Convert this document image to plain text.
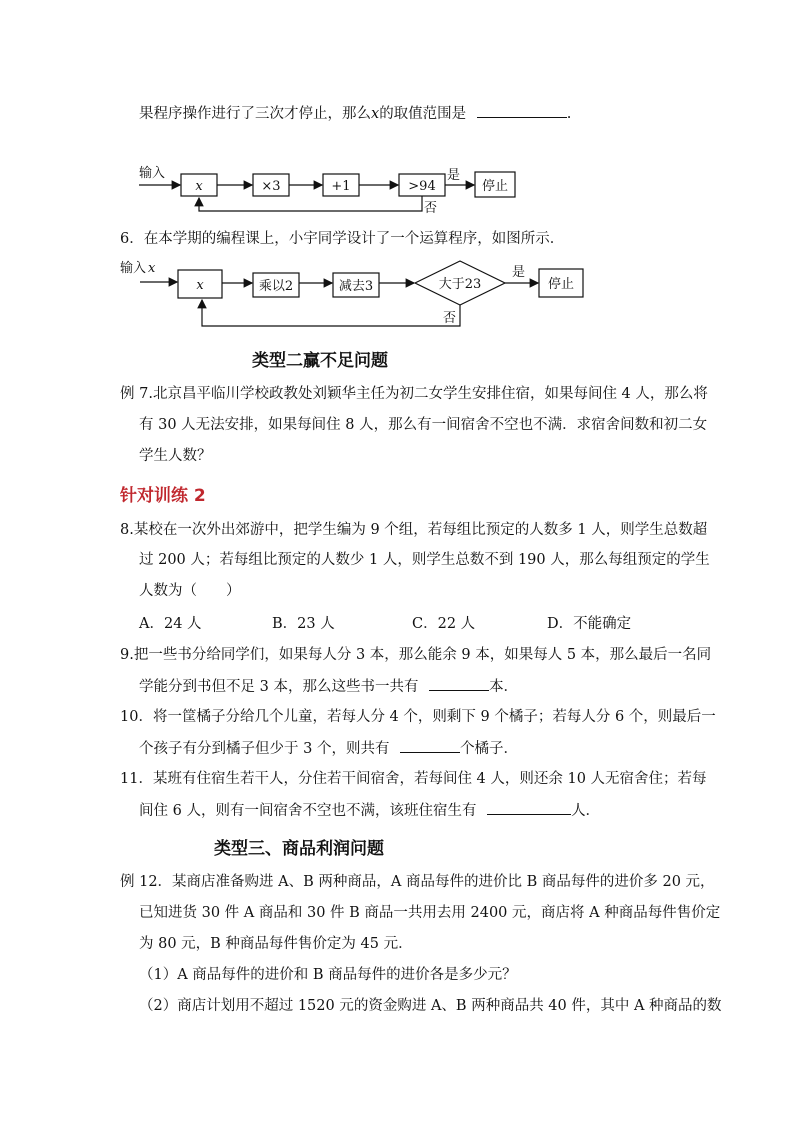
果程序操作进行了三次才停止，那么x的取值范围是	.
输入
x	×3	+1	>94
是
停止
否
6．在本学期的编程课上，小宇同学设计了一个运算程序，如图所示．
输入 x
x	乘以2	减去3	大于23
是
停止
否
类型二赢不足问题
例 7.北京昌平临川学校政教处刘颖华主任为初二女学生安排住宿，如果每间住 4 人，那么将
有 30 人无法安排，如果每间住 8 人，那么有一间宿舍不空也不满．求宿舍间数和初二女
学生人数？
针对训练 2
8.某校在一次外出郊游中，把学生编为 9 个组，若每组比预定的人数多 1 人，则学生总数超
过 200 人；若每组比预定的人数少 1 人，则学生总数不到 190 人，那么每组预定的学生
人数为（　　）
A．24 人	B．23 人	C．22 人	D．不能确定
9.把一些书分给同学们，如果每人分 3 本，那么能余 9 本，如果每人 5 本，那么最后一名同
学能分到书但不足 3 本，那么这些书一共有	本．
10．将一筐橘子分给几个儿童，若每人分 4 个，则剩下 9 个橘子；若每人分 6 个，则最后一
个孩子有分到橘子但少于 3 个，则共有	个橘子．
11．某班有住宿生若干人，分住若干间宿舍，若每间住 4 人，则还余 10 人无宿舍住；若每
间住 6 人，则有一间宿舍不空也不满，该班住宿生有	人．
类型三、商品利润问题
例 12．某商店准备购进 A、B 两种商品，A 商品每件的进价比 B 商品每件的进价多 20 元，
已知进货 30 件 A 商品和 30 件 B 商品一共用去用 2400 元，商店将 A 种商品每件售价定
为 80 元，B 种商品每件售价定为 45 元．
（1）A 商品每件的进价和 B 商品每件的进价各是多少元？
（2）商店计划用不超过 1520 元的资金购进 A、B 两种商品共 40 件，其中 A 种商品的数
